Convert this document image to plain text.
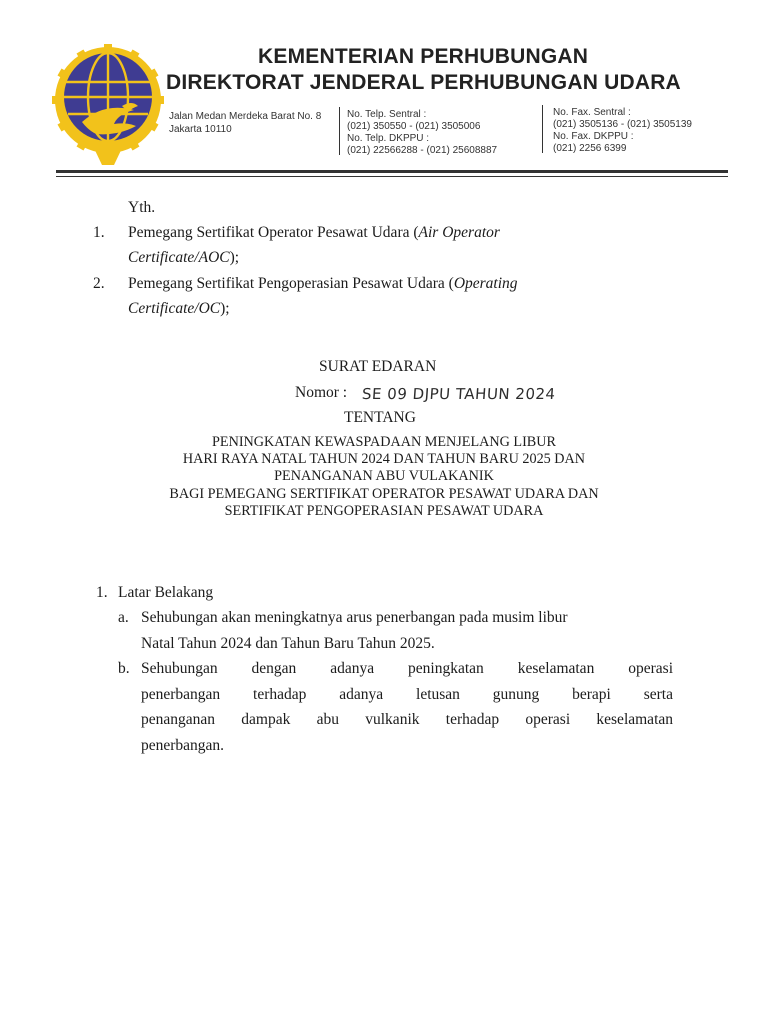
KEMENTERIAN PERHUBUNGAN
DIREKTORAT JENDERAL PERHUBUNGAN UDARA
Jalan Medan Merdeka Barat No. 8
Jakarta 10110
No. Telp. Sentral :
(021) 350550 - (021) 3505006
No. Telp. DKPPU :
(021) 22566288 - (021) 25608887
No. Fax. Sentral :
(021) 3505136 - (021) 3505139
No. Fax. DKPPU :
(021) 2256 6399
Yth.
1. Pemegang Sertifikat Operator Pesawat Udara (Air Operator
Certificate/AOC);
2. Pemegang Sertifikat Pengoperasian Pesawat Udara (Operating
Certificate/OC);
SURAT EDARAN
Nomor : SE 09 DJPU TAHUN 2024
TENTANG
PENINGKATAN KEWASPADAAN MENJELANG LIBUR
HARI RAYA NATAL TAHUN 2024 DAN TAHUN BARU 2025 DAN
PENANGANAN ABU VULAKANIK
BAGI PEMEGANG SERTIFIKAT OPERATOR PESAWAT UDARA DAN
SERTIFIKAT PENGOPERASIAN PESAWAT UDARA
1. Latar Belakang
a. Sehubungan akan meningkatnya arus penerbangan pada musim libur
Natal Tahun 2024 dan Tahun Baru Tahun 2025.
b. Sehubungan dengan adanya peningkatan keselamatan operasi
penerbangan terhadap adanya letusan gunung berapi serta
penanganan dampak abu vulkanik terhadap operasi keselamatan
penerbangan.
